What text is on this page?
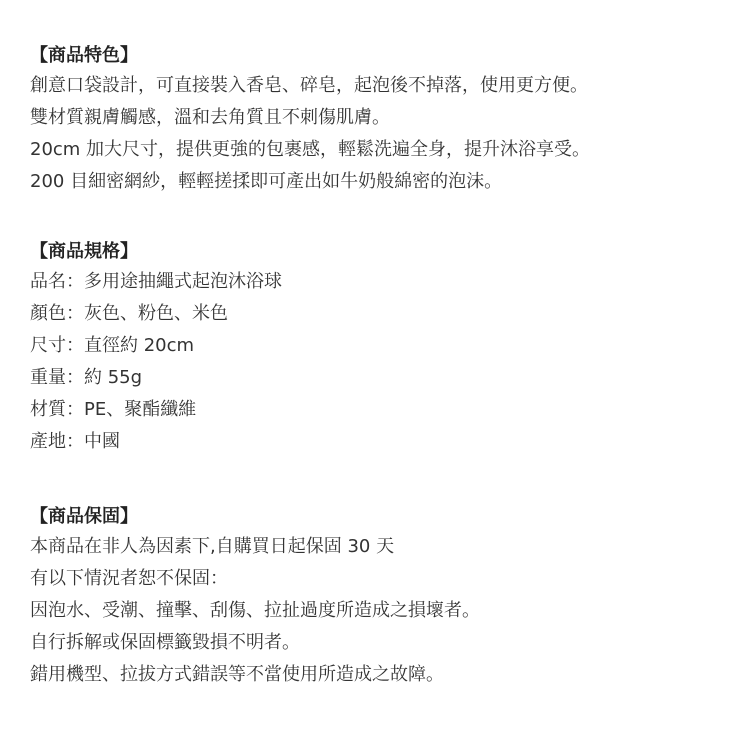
【商品特色】
創意口袋設計，可直接裝入香皂、碎皂，起泡後不掉落，使用更方便。
雙材質親膚觸感，溫和去角質且不刺傷肌膚。
20cm 加大尺寸，提供更強的包裹感，輕鬆洗遍全身，提升沐浴享受。
200 目細密網紗，輕輕搓揉即可產出如牛奶般綿密的泡沫。
【商品規格】
品名：多用途抽繩式起泡沐浴球
顏色：灰色、粉色、米色
尺寸：直徑約 20cm
重量：約 55g
材質：PE、聚酯纖維
產地：中國
【商品保固】
本商品在非人為因素下,自購買日起保固 30 天
有以下情況者恕不保固：
因泡水、受潮、撞擊、刮傷、拉扯過度所造成之損壞者。
自行拆解或保固標籤毀損不明者。
錯用機型、拉拔方式錯誤等不當使用所造成之故障。
